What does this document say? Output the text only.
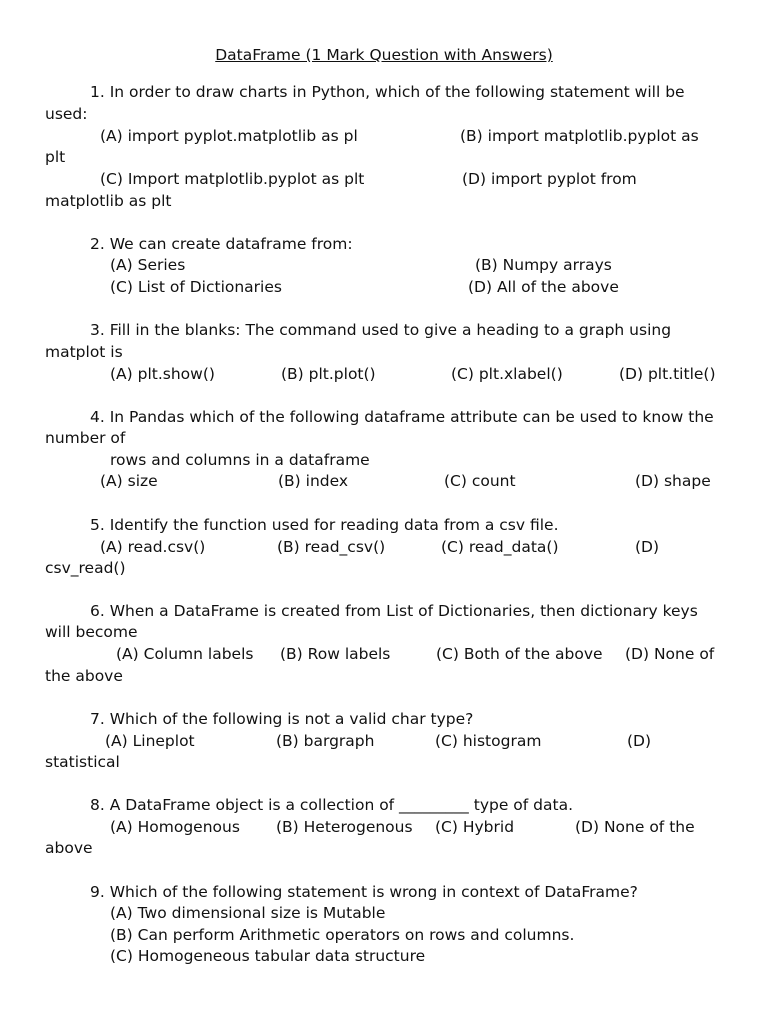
DataFrame (1 Mark Question with Answers)
1. In order to draw charts in Python, which of the following statement will be
used:
(A) import pyplot.matplotlib as pl	(B) import matplotlib.pyplot as
plt
(C) Import matplotlib.pyplot as plt	(D) import pyplot from
matplotlib as plt
2. We can create dataframe from:
(A) Series	(B) Numpy arrays
(C) List of Dictionaries	(D) All of the above
3. Fill in the blanks: The command used to give a heading to a graph using
matplot is
(A) plt.show()	(B) plt.plot()	(C) plt.xlabel()	(D) plt.title()
4. In Pandas which of the following dataframe attribute can be used to know the
number of
rows and columns in a dataframe
(A) size	(B) index	(C) count	(D) shape
5. Identify the function used for reading data from a csv file.
(A) read.csv()	(B) read_csv()	(C) read_data()	(D)
csv_read()
6. When a DataFrame is created from List of Dictionaries, then dictionary keys
will become
(A) Column labels (B) Row labels	(C) Both of the above (D) None of
the above
7. Which of the following is not a valid char type?
(A) Lineplot	(B) bargraph	(C) histogram	(D)
statistical
8. A DataFrame object is a collection of _________ type of data.
(A) Homogenous (B) Heterogenous (C) Hybrid	(D) None of the
above
9. Which of the following statement is wrong in context of DataFrame?
(A) Two dimensional size is Mutable
(B) Can perform Arithmetic operators on rows and columns.
(C) Homogeneous tabular data structure
